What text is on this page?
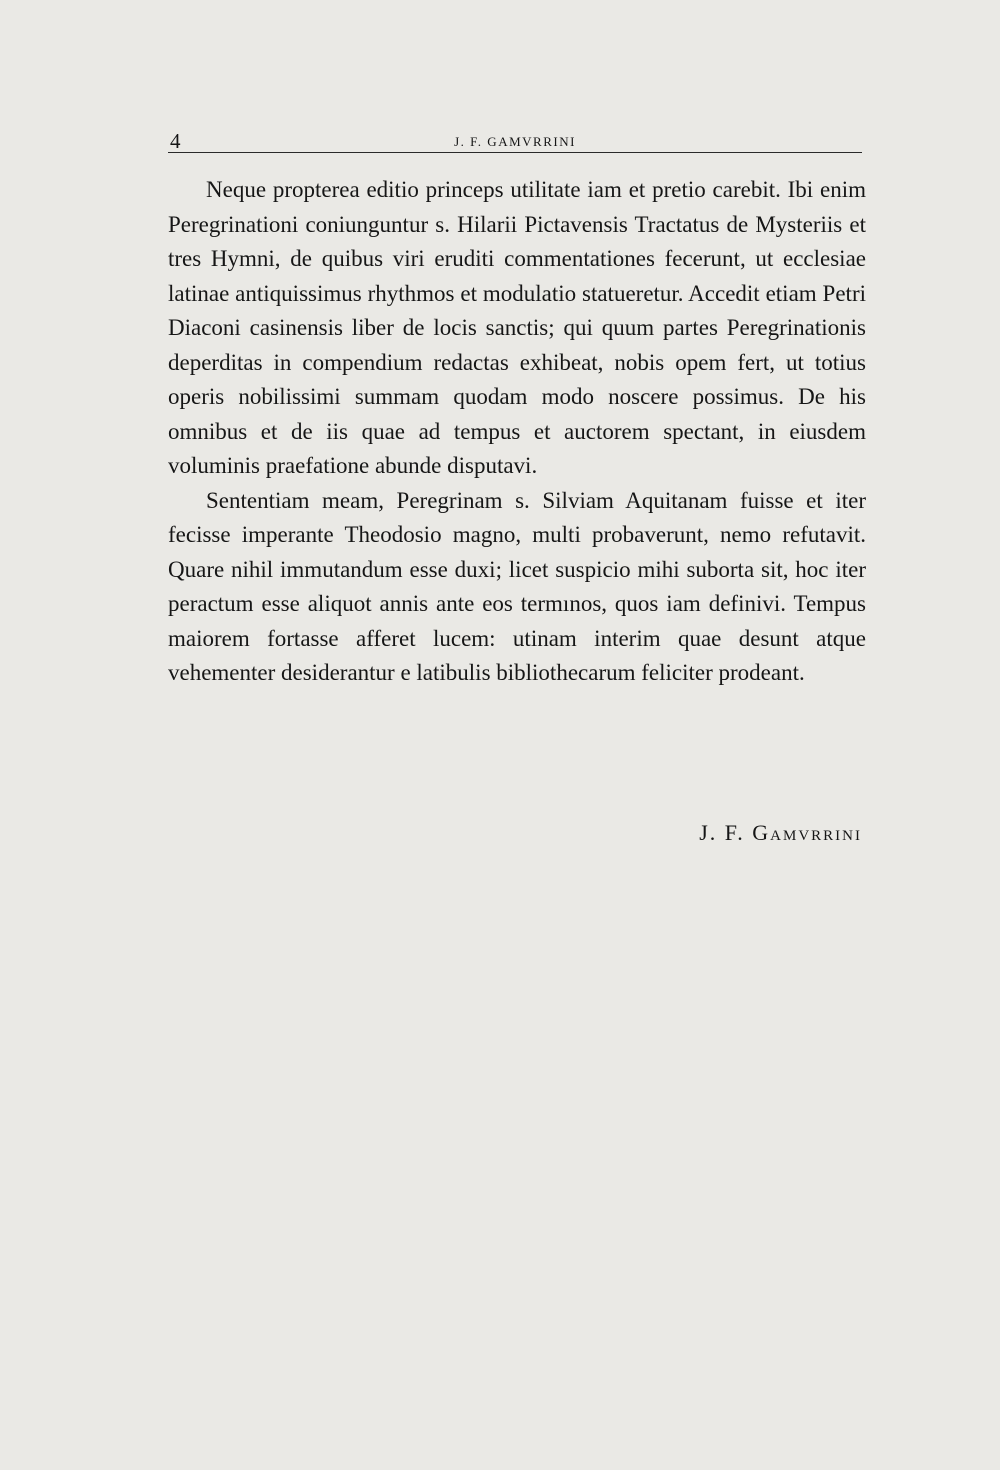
4	J. F. GAMVRRINI

Neque propterea editio princeps utilitate iam et pretio carebit. Ibi enim Peregrinationi coniunguntur s. Hilarii Pictavensis Tractatus de Mysteriis et tres Hymni, de quibus viri eruditi commentationes fecerunt, ut ecclesiae latinae antiquissimus rhythmos et modulatio statueretur. Accedit etiam Petri Diaconi casinensis liber de locis sanctis; qui quum partes Peregrinationis deperditas in compendium redactas exhibeat, nobis opem fert, ut totius operis nobilissimi summam quodam modo noscere possimus. De his omnibus et de iis quae ad tempus et auctorem spectant, in eiusdem voluminis praefatione abunde disputavi.

Sententiam meam, Peregrinam s. Silviam Aquitanam fuisse et iter fecisse imperante Theodosio magno, multi probaverunt, nemo refutavit. Quare nihil immutandum esse duxi; licet suspicio mihi suborta sit, hoc iter peractum esse aliquot annis ante eos termınos, quos iam definivi. Tempus maiorem fortasse afferet lucem: utinam interim quae desunt atque vehementer desiderantur e latibulis bibliothecarum feliciter prodeant.

J. F. Gamvrrini
